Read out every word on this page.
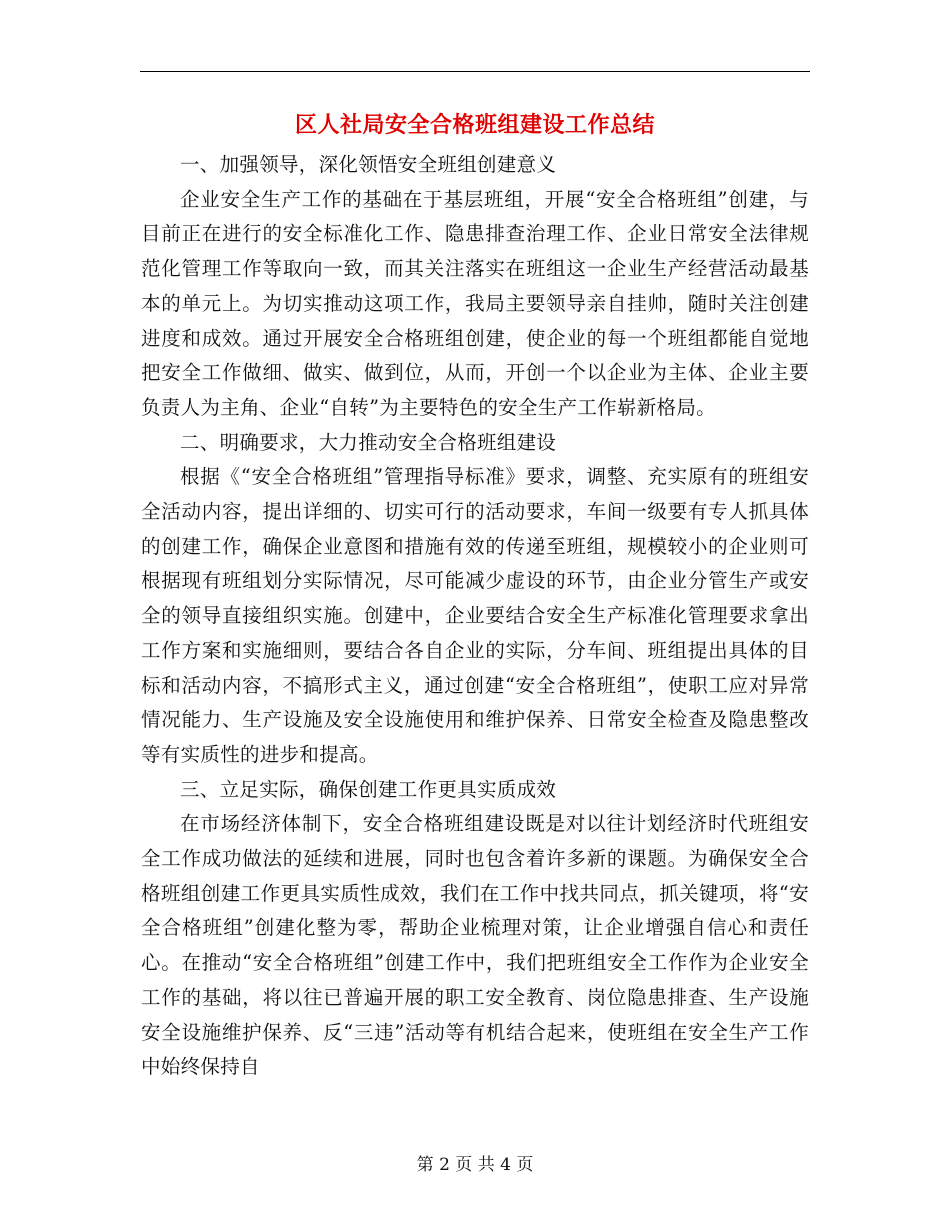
区人社局安全合格班组建设工作总结

一、加强领导，深化领悟安全班组创建意义

企业安全生产工作的基础在于基层班组，开展“安全合格班组”创建，与目前正在进行的安全标准化工作、隐患排查治理工作、企业日常安全法律规范化管理工作等取向一致，而其关注落实在班组这一企业生产经营活动最基本的单元上。为切实推动这项工作，我局主要领导亲自挂帅，随时关注创建进度和成效。通过开展安全合格班组创建，使企业的每一个班组都能自觉地把安全工作做细、做实、做到位，从而，开创一个以企业为主体、企业主要负责人为主角、企业“自转”为主要特色的安全生产工作崭新格局。

二、明确要求，大力推动安全合格班组建设

根据《“安全合格班组”管理指导标准》要求，调整、充实原有的班组安全活动内容，提出详细的、切实可行的活动要求，车间一级要有专人抓具体的创建工作，确保企业意图和措施有效的传递至班组，规模较小的企业则可根据现有班组划分实际情况，尽可能减少虚设的环节，由企业分管生产或安全的领导直接组织实施。创建中，企业要结合安全生产标准化管理要求拿出工作方案和实施细则，要结合各自企业的实际，分车间、班组提出具体的目标和活动内容，不搞形式主义，通过创建“安全合格班组”，使职工应对异常情况能力、生产设施及安全设施使用和维护保养、日常安全检查及隐患整改等有实质性的进步和提高。

三、立足实际，确保创建工作更具实质成效

在市场经济体制下，安全合格班组建设既是对以往计划经济时代班组安全工作成功做法的延续和进展，同时也包含着许多新的课题。为确保安全合格班组创建工作更具实质性成效，我们在工作中找共同点，抓关键项，将“安全合格班组”创建化整为零，帮助企业梳理对策，让企业增强自信心和责任心。在推动“安全合格班组”创建工作中，我们把班组安全工作作为企业安全工作的基础，将以往已普遍开展的职工安全教育、岗位隐患排查、生产设施安全设施维护保养、反“三违”活动等有机结合起来，使班组在安全生产工作中始终保持自

第 2 页 共 4 页
